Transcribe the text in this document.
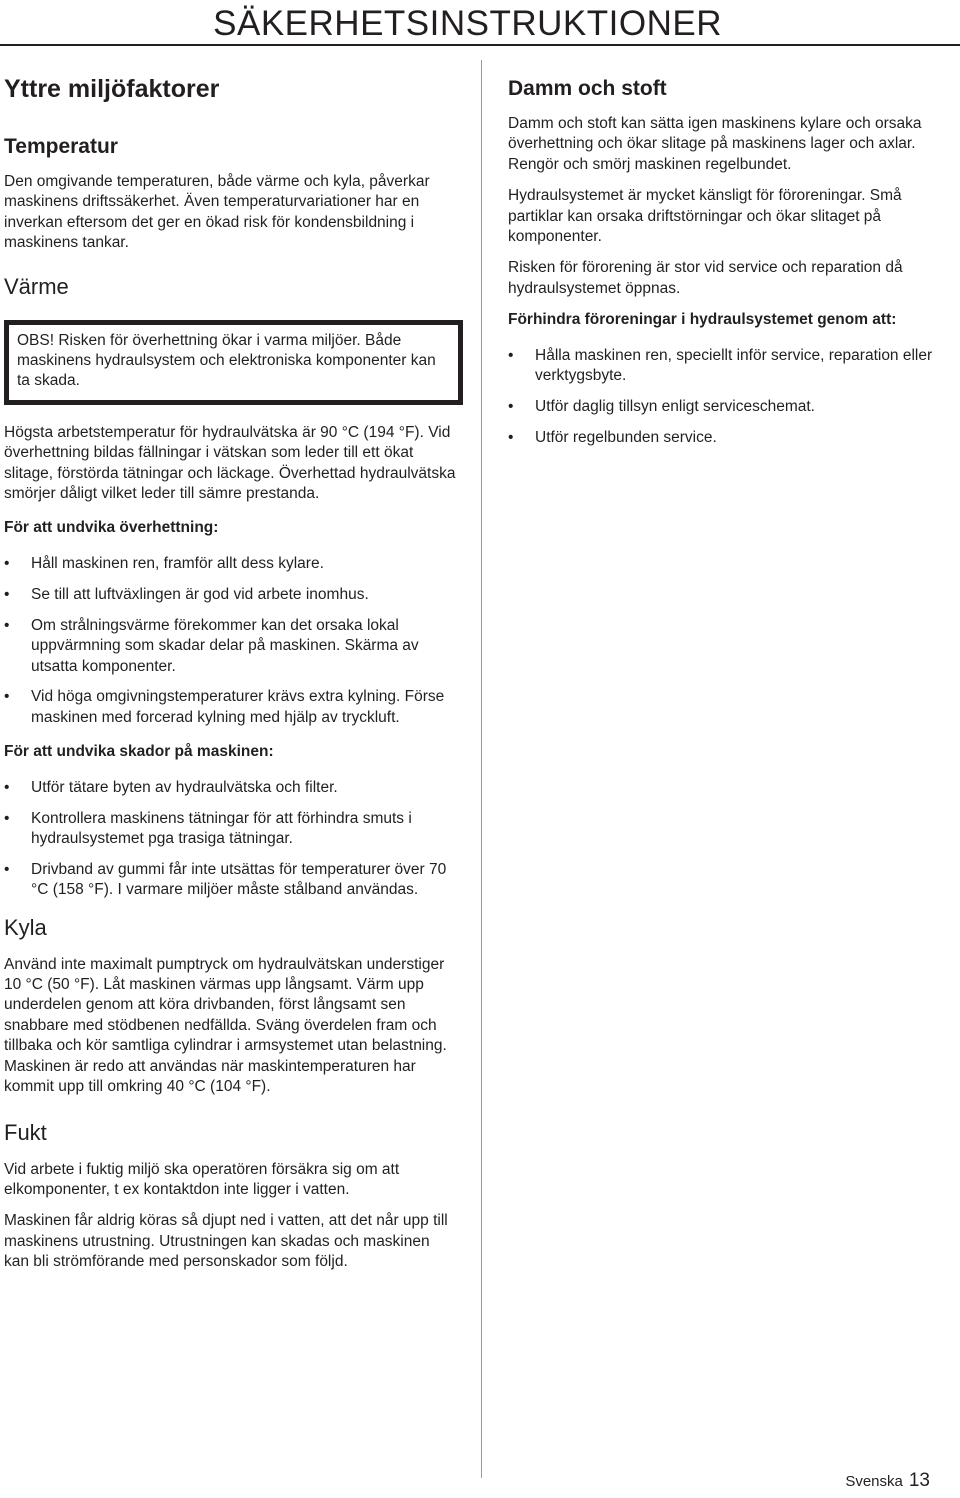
SÄKERHETSINSTRUKTIONER
Yttre miljöfaktorer
Temperatur

Den omgivande temperaturen, både värme och kyla, påverkar maskinens driftssäkerhet. Även temperaturvariationer har en inverkan eftersom det ger en ökad risk för kondensbildning i maskinens tankar.

Värme

OBS! Risken för överhettning ökar i varma miljöer. Både maskinens hydraulsystem och elektroniska komponenter kan ta skada.

Högsta arbetstemperatur för hydraulvätska är 90 °C (194 °F). Vid överhettning bildas fällningar i vätskan som leder till ett ökat slitage, förstörda tätningar och läckage. Överhettad hydraulvätska smörjer dåligt vilket leder till sämre prestanda.

För att undvika överhettning:

• Håll maskinen ren, framför allt dess kylare.
• Se till att luftväxlingen är god vid arbete inomhus.
• Om strålningsvärme förekommer kan det orsaka lokal uppvärmning som skadar delar på maskinen. Skärma av utsatta komponenter.
• Vid höga omgivningstemperaturer krävs extra kylning. Förse maskinen med forcerad kylning med hjälp av tryckluft.

För att undvika skador på maskinen:

• Utför tätare byten av hydraulvätska och filter.
• Kontrollera maskinens tätningar för att förhindra smuts i hydraulsystemet pga trasiga tätningar.
• Drivband av gummi får inte utsättas för temperaturer över 70 °C (158 °F). I varmare miljöer måste stålband användas.
Kyla

Använd inte maximalt pumptryck om hydraulvätskan understiger 10 °C (50 °F). Låt maskinen värmas upp långsamt. Värm upp underdelen genom att köra drivbanden, först långsamt sen snabbare med stödbenen nedfällda. Sväng överdelen fram och tillbaka och kör samtliga cylindrar i armsystemet utan belastning. Maskinen är redo att användas när maskintemperaturen har kommit upp till omkring 40 °C (104 °F).

Fukt

Vid arbete i fuktig miljö ska operatören försäkra sig om att elkomponenter, t ex kontaktdon inte ligger i vatten.

Maskinen får aldrig köras så djupt ned i vatten, att det når upp till maskinens utrustning. Utrustningen kan skadas och maskinen kan bli strömförande med personskador som följd.

Damm och stoft

Damm och stoft kan sätta igen maskinens kylare och orsaka överhettning och ökar slitage på maskinens lager och axlar. Rengör och smörj maskinen regelbundet.

Hydraulsystemet är mycket känsligt för föroreningar. Små partiklar kan orsaka driftstörningar och ökar slitaget på komponenter.

Risken för förorening är stor vid service och reparation då hydraulsystemet öppnas.

Förhindra föroreningar i hydraulsystemet genom att:

• Hålla maskinen ren, speciellt inför service, reparation eller verktygsbyte.
• Utför daglig tillsyn enligt serviceschemat.
• Utför regelbunden service.
Svenska 13
